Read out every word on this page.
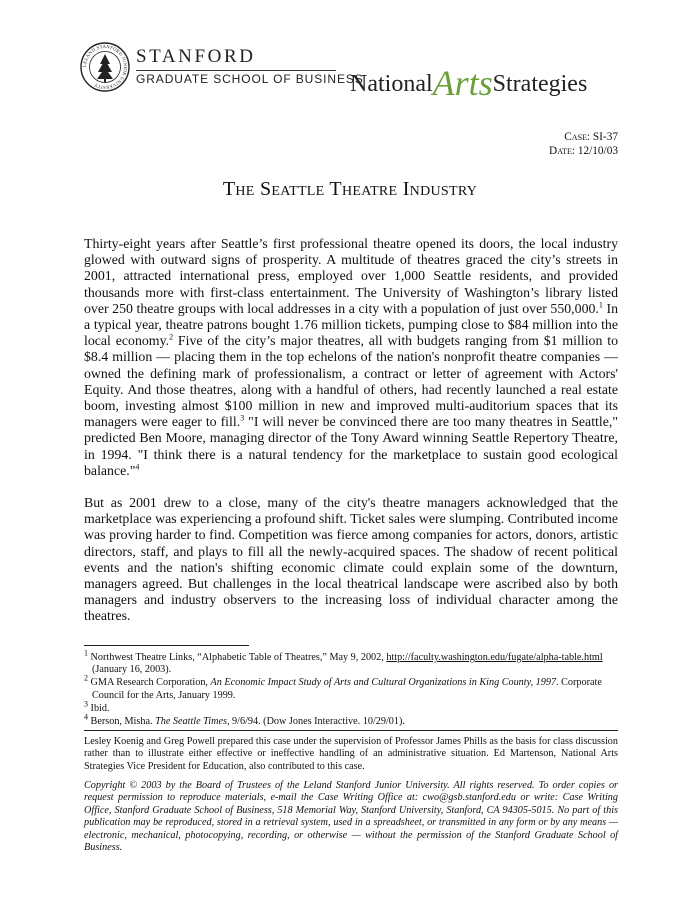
LELAND STANFORD JUNIOR UNIVERSITY
STANFORD
GRADUATE SCHOOL OF BUSINESS
NationalArtsStrategies
Case: SI-37
Date: 12/10/03
The Seattle Theatre Industry

Thirty-eight years after Seattle’s first professional theatre opened its doors, the local industry glowed with outward signs of prosperity. A multitude of theatres graced the city’s streets in 2001, attracted international press, employed over 1,000 Seattle residents, and provided thousands more with first-class entertainment. The University of Washington’s library listed over 250 theatre groups with local addresses in a city with a population of just over 550,000.$^1$ In a typical year, theatre patrons bought 1.76 million tickets, pumping close to $84 million into the local economy.$^2$ Five of the city’s major theatres, all with budgets ranging from $1 million to $8.4 million — placing them in the top echelons of the nation's nonprofit theatre companies — owned the defining mark of professionalism, a contract or letter of agreement with Actors' Equity. And those theatres, along with a handful of others, had recently launched a real estate boom, investing almost $100 million in new and improved multi-auditorium spaces that its managers were eager to fill.$^3$ "I will never be convinced there are too many theatres in Seattle," predicted Ben Moore, managing director of the Tony Award winning Seattle Repertory Theatre, in 1994. "I think there is a natural tendency for the marketplace to sustain good ecological balance."$^4$

But as 2001 drew to a close, many of the city's theatre managers acknowledged that the marketplace was experiencing a profound shift. Ticket sales were slumping. Contributed income was proving harder to find. Competition was fierce among companies for actors, donors, artistic directors, staff, and plays to fill all the newly-acquired spaces. The shadow of recent political events and the nation's shifting economic climate could explain some of the downturn, managers agreed. But challenges in the local theatrical landscape were ascribed also by both managers and industry observers to the increasing loss of individual character among the theatres.

$^1$ Northwest Theatre Links, “Alphabetic Table of Theatres,” May 9, 2002, http://faculty.washington.edu/fugate/alpha-table.html (January 16, 2003).
$^2$ GMA Research Corporation, An Economic Impact Study of Arts and Cultural Organizations in King County, 1997. Corporate Council for the Arts, January 1999.
$^3$ Ibid.
$^4$ Berson, Misha. The Seattle Times, 9/6/94. (Dow Jones Interactive. 10/29/01).

Lesley Koenig and Greg Powell prepared this case under the supervision of Professor James Phills as the basis for class discussion rather than to illustrate either effective or ineffective handling of an administrative situation. Ed Martenson, National Arts Strategies Vice President for Education, also contributed to this case.

Copyright © 2003 by the Board of Trustees of the Leland Stanford Junior University. All rights reserved. To order copies or request permission to reproduce materials, e-mail the Case Writing Office at: cwo@gsb.stanford.edu or write: Case Writing Office, Stanford Graduate School of Business, 518 Memorial Way, Stanford University, Stanford, CA 94305-5015. No part of this publication may be reproduced, stored in a retrieval system, used in a spreadsheet, or transmitted in any form or by any means — electronic, mechanical, photocopying, recording, or otherwise — without the permission of the Stanford Graduate School of Business.
